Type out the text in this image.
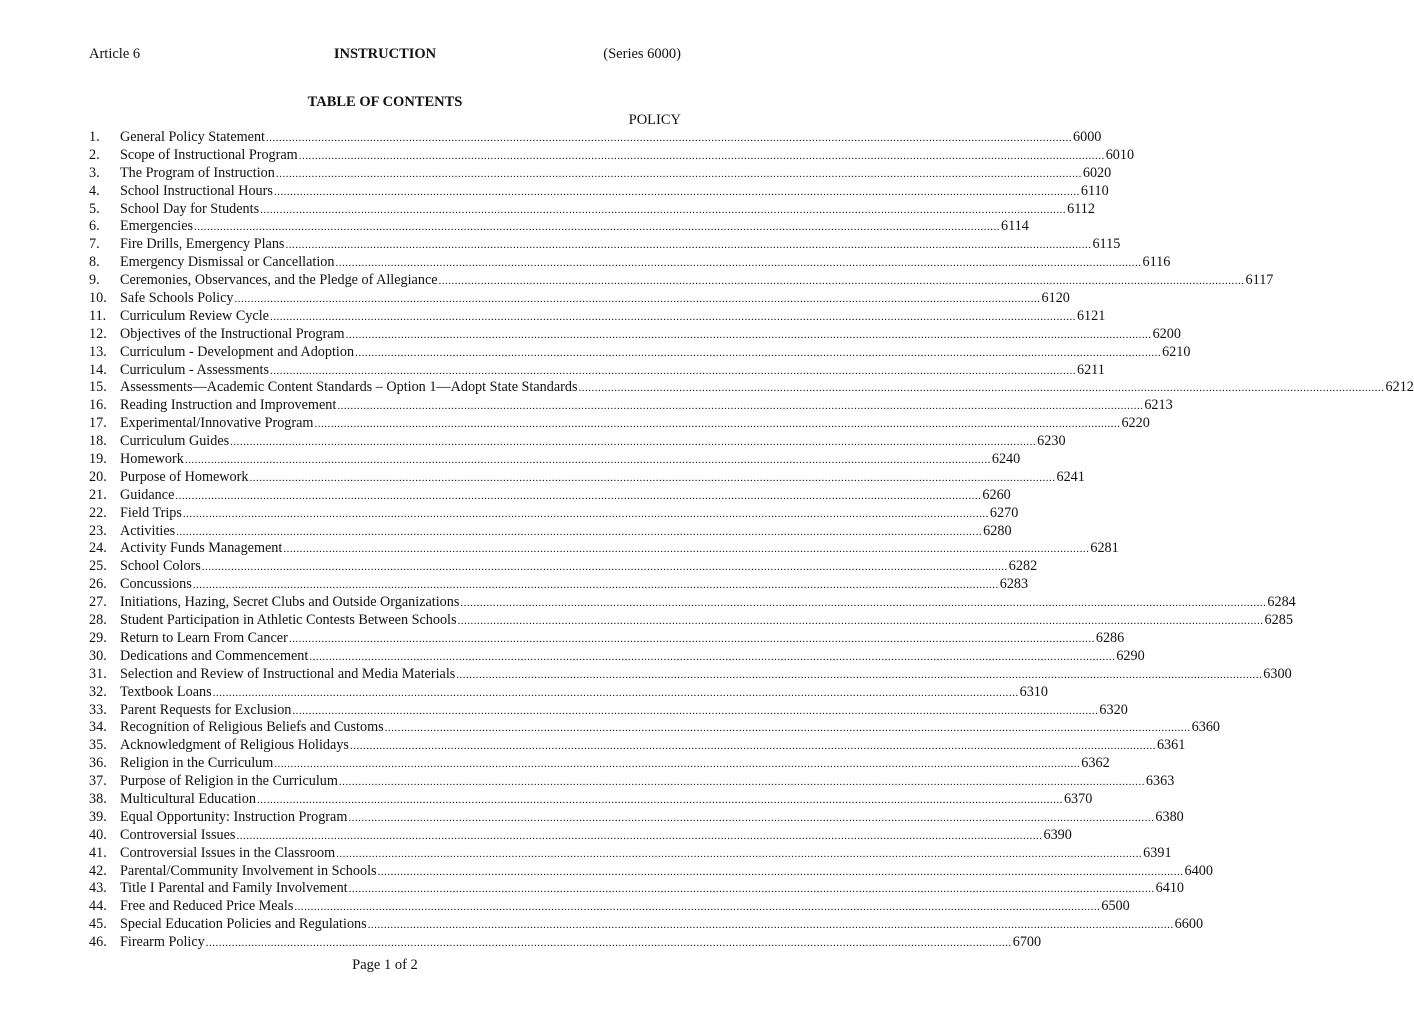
Article 6	INSTRUCTION	(Series 6000)
TABLE OF CONTENTS
POLICY
1.	General Policy Statement .....	6000
2.	Scope of Instructional Program .....	6010
3.	The Program of Instruction .....	6020
4.	School Instructional Hours .....	6110
5.	School Day for Students .....	6112
6.	Emergencies .....	6114
7.	Fire Drills, Emergency Plans .....	6115
8.	Emergency Dismissal or Cancellation .....	6116
9.	Ceremonies, Observances, and the Pledge of Allegiance .....	6117
10. Safe Schools Policy .....	6120
11. Curriculum Review Cycle .....	6121
12. Objectives of the Instructional Program .....	6200
13. Curriculum - Development and Adoption .....	6210
14. Curriculum - Assessments .....	6211
15. Assessments—Academic Content Standards – Option 1—Adopt State Standards .....	6212
16. Reading Instruction and Improvement .....	6213
17. Experimental/Innovative Program .....	6220
18. Curriculum Guides .....	6230
19. Homework .....	6240
20. Purpose of Homework .....	6241
21. Guidance .....	6260
22. Field Trips .....	6270
23. Activities .....	6280
24. Activity Funds Management .....	6281
25. School Colors .....	6282
26. Concussions .....	6283
27. Initiations, Hazing, Secret Clubs and Outside Organizations .....	6284
28. Student Participation in Athletic Contests Between Schools .....	6285
29. Return to Learn From Cancer .....	6286
30. Dedications and Commencement .....	6290
31. Selection and Review of Instructional and Media Materials .....	6300
32. Textbook Loans .....	6310
33. Parent Requests for Exclusion .....	6320
34. Recognition of Religious Beliefs and Customs .....	6360
35. Acknowledgment of Religious Holidays .....	6361
36. Religion in the Curriculum .....	6362
37. Purpose of Religion in the Curriculum .....	6363
38. Multicultural Education .....	6370
39. Equal Opportunity: Instruction Program .....	6380
40. Controversial Issues .....	6390
41. Controversial Issues in the Classroom .....	6391
42. Parental/Community Involvement in Schools .....	6400
43. Title I Parental and Family Involvement .....	6410
44. Free and Reduced Price Meals .....	6500
45. Special Education Policies and Regulations .....	6600
46. Firearm Policy .....	6700
Page 1 of 2
